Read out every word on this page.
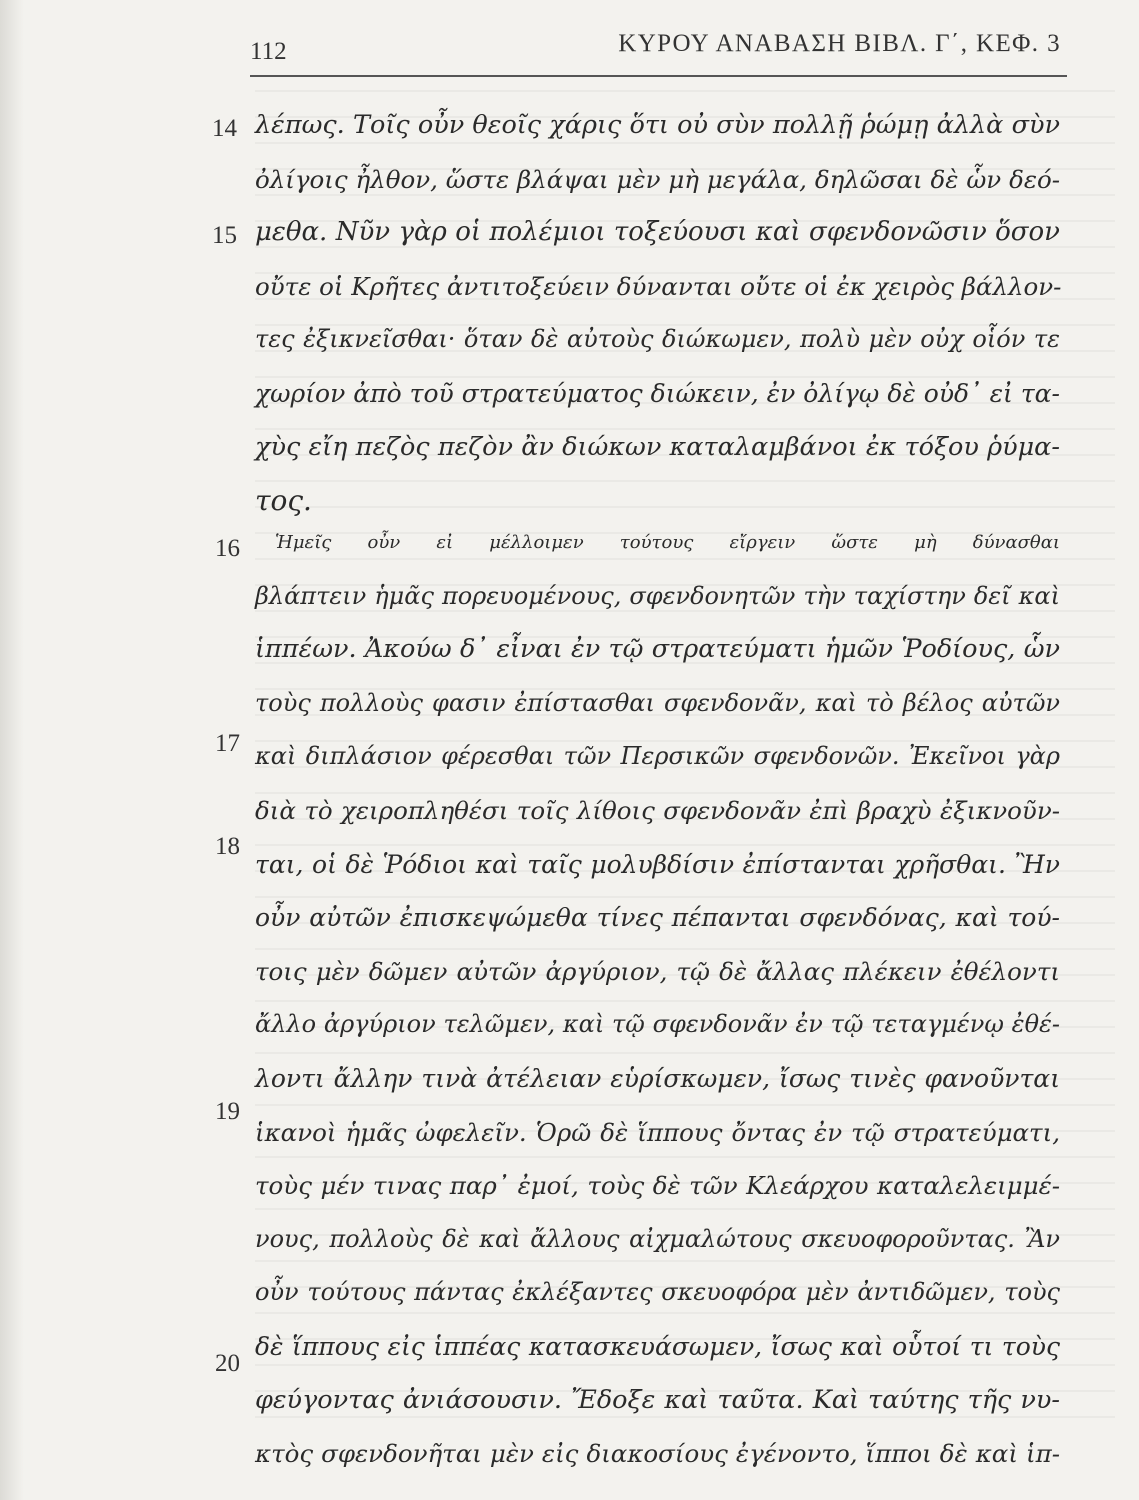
112	ΚΥΡΟΥ ΑΝΑΒΑΣΗ ΒΙΒΛ. Γ΄, ΚΕΦ. 3
14
15
16
17
18
19
20
λέπως. Τοῖς οὖν θεοῖς χάρις ὅτι οὐ σὺν πολλῇ ῥώμῃ ἀλλὰ σὺν
ὀλίγοις ἦλθον, ὥστε βλάψαι μὲν μὴ μεγάλα, δηλῶσαι δὲ ὧν δεό-
μεθα. Νῦν γὰρ οἱ πολέμιοι τοξεύουσι καὶ σφενδονῶσιν ὅσον
οὔτε οἱ Κρῆτες ἀντιτοξεύειν δύνανται οὔτε οἱ ἐκ χειρὸς βάλλον-
τες ἐξικνεῖσθαι· ὅταν δὲ αὐτοὺς διώκωμεν, πολὺ μὲν οὐχ οἷόν τε
χωρίον ἀπὸ τοῦ στρατεύματος διώκειν, ἐν ὀλίγῳ δὲ οὐδ᾽ εἰ τα-
χὺς εἴη πεζὸς πεζὸν ἂν διώκων καταλαμβάνοι ἐκ τόξου ῥύμα-
τος.
Ἡμεῖς οὖν εἰ μέλλοιμεν τούτους εἴργειν ὥστε μὴ δύνασθαι
βλάπτειν ἡμᾶς πορευομένους, σφενδονητῶν τὴν ταχίστην δεῖ καὶ
ἱππέων. Ἀκούω δ᾽ εἶναι ἐν τῷ στρατεύματι ἡμῶν Ῥοδίους, ὧν
τοὺς πολλοὺς φασιν ἐπίστασθαι σφενδονᾶν, καὶ τὸ βέλος αὐτῶν
καὶ διπλάσιον φέρεσθαι τῶν Περσικῶν σφενδονῶν. Ἐκεῖνοι γὰρ
διὰ τὸ χειροπληθέσι τοῖς λίθοις σφενδονᾶν ἐπὶ βραχὺ ἐξικνοῦν-
ται, οἱ δὲ Ῥόδιοι καὶ ταῖς μολυβδίσιν ἐπίστανται χρῆσθαι. Ἢν
οὖν αὐτῶν ἐπισκεψώμεθα τίνες πέπανται σφενδόνας, καὶ τού-
τοις μὲν δῶμεν αὐτῶν ἀργύριον, τῷ δὲ ἄλλας πλέκειν ἐθέλοντι
ἄλλο ἀργύριον τελῶμεν, καὶ τῷ σφενδονᾶν ἐν τῷ τεταγμένῳ ἐθέ-
λοντι ἄλλην τινὰ ἀτέλειαν εὑρίσκωμεν, ἴσως τινὲς φανοῦνται
ἱκανοὶ ἡμᾶς ὠφελεῖν. Ὁρῶ δὲ ἵππους ὄντας ἐν τῷ στρατεύματι,
τοὺς μέν τινας παρ᾽ ἐμοί, τοὺς δὲ τῶν Κλεάρχου καταλελειμμέ-
νους, πολλοὺς δὲ καὶ ἄλλους αἰχμαλώτους σκευοφοροῦντας. Ἂν
οὖν τούτους πάντας ἐκλέξαντες σκευοφόρα μὲν ἀντιδῶμεν, τοὺς
δὲ ἵππους εἰς ἱππέας κατασκευάσωμεν, ἴσως καὶ οὗτοί τι τοὺς
φεύγοντας ἀνιάσουσιν. Ἔδοξε καὶ ταῦτα. Καὶ ταύτης τῆς νυ-
κτὸς σφενδονῆται μὲν εἰς διακοσίους ἐγένοντο, ἵπποι δὲ καὶ ἱπ-
